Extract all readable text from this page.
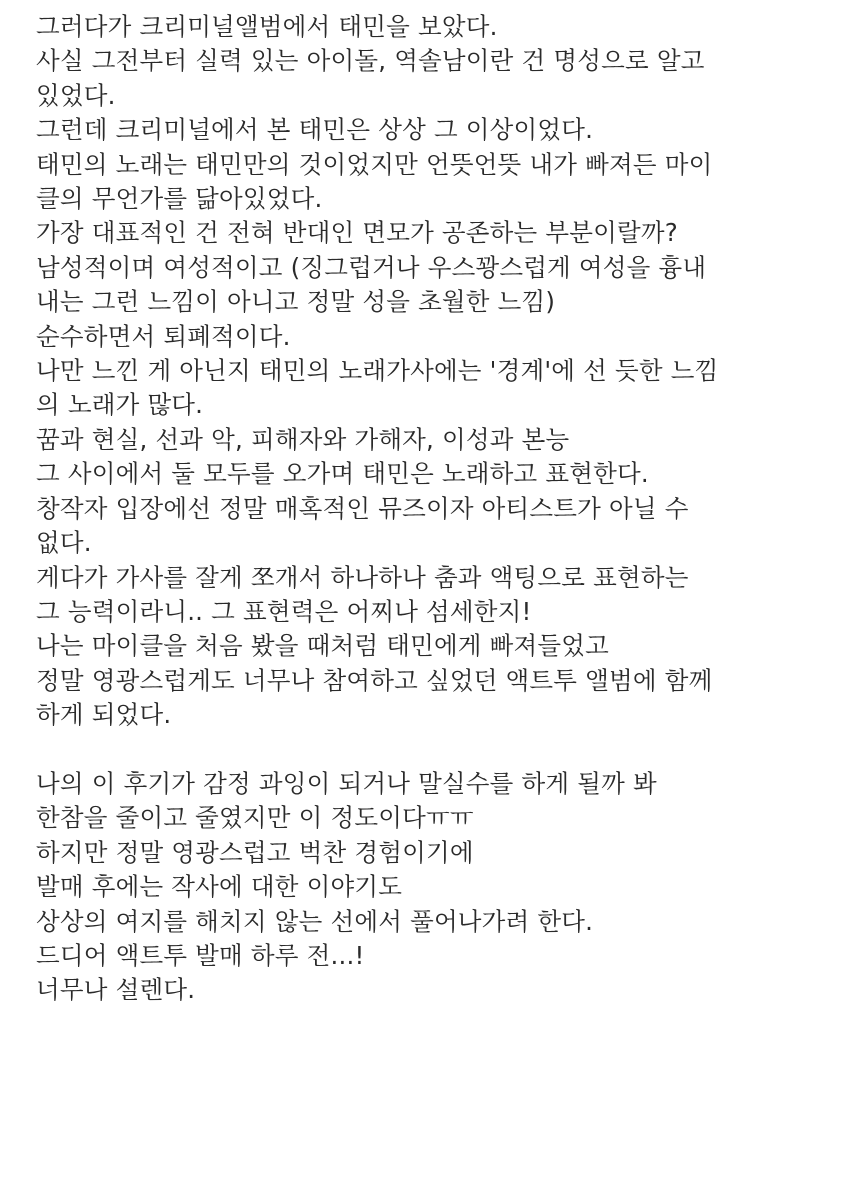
그러다가 크리미널앨범에서 태민을 보았다.
사실 그전부터 실력 있는 아이돌, 역솔남이란 건 명성으로 알고
있었다.
그런데 크리미널에서 본 태민은 상상 그 이상이었다.
태민의 노래는 태민만의 것이었지만 언뜻언뜻 내가 빠져든 마이
클의 무언가를 닮아있었다.
가장 대표적인 건 전혀 반대인 면모가 공존하는 부분이랄까?
남성적이며 여성적이고 (징그럽거나 우스꽝스럽게 여성을 흉내
내는 그런 느낌이 아니고 정말 성을 초월한 느낌)
순수하면서 퇴폐적이다.
나만 느낀 게 아닌지 태민의 노래가사에는 '경계'에 선 듯한 느낌
의 노래가 많다.
꿈과 현실, 선과 악, 피해자와 가해자, 이성과 본능
그 사이에서 둘 모두를 오가며 태민은 노래하고 표현한다.
창작자 입장에선 정말 매혹적인 뮤즈이자 아티스트가 아닐 수
없다.
게다가 가사를 잘게 쪼개서 하나하나 춤과 액팅으로 표현하는
그 능력이라니.. 그 표현력은 어찌나 섬세한지!
나는 마이클을 처음 봤을 때처럼 태민에게 빠져들었고
정말 영광스럽게도 너무나 참여하고 싶었던 액트투 앨범에 함께
하게 되었다.
나의 이 후기가 감정 과잉이 되거나 말실수를 하게 될까 봐
한참을 줄이고 줄였지만 이 정도이다ㅠㅠ
하지만 정말 영광스럽고 벅찬 경험이기에
발매 후에는 작사에 대한 이야기도
상상의 여지를 해치지 않는 선에서 풀어나가려 한다.
드디어 액트투 발매 하루 전...!
너무나 설렌다.
